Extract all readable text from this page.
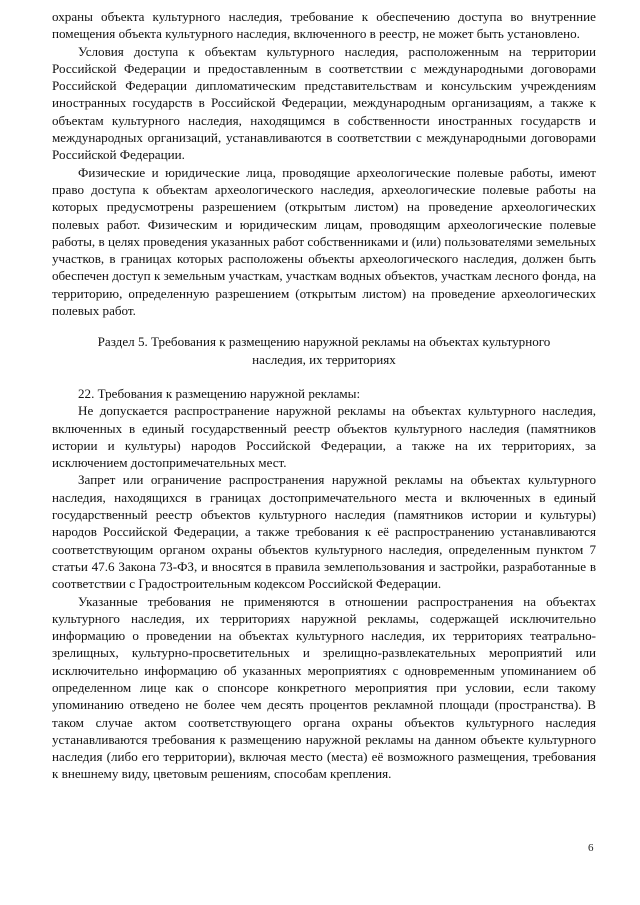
охраны объекта культурного наследия, требование к обеспечению доступа во внутренние помещения объекта культурного наследия, включенного в реестр, не может быть установлено.

Условия доступа к объектам культурного наследия, расположенным на территории Российской Федерации и предоставленным в соответствии с международными договорами Российской Федерации дипломатическим представительствам и консульским учреждениям иностранных государств в Российской Федерации, международным организациям, а также к объектам культурного наследия, находящимся в собственности иностранных государств и международных организаций, устанавливаются в соответствии с международными договорами Российской Федерации.

Физические и юридические лица, проводящие археологические полевые работы, имеют право доступа к объектам археологического наследия, археологические полевые работы на которых предусмотрены разрешением (открытым листом) на проведение археологических полевых работ. Физическим и юридическим лицам, проводящим археологические полевые работы, в целях проведения указанных работ собственниками и (или) пользователями земельных участков, в границах которых расположены объекты археологического наследия, должен быть обеспечен доступ к земельным участкам, участкам водных объектов, участкам лесного фонда, на территорию, определенную разрешением (открытым листом) на проведение археологических полевых работ.

Раздел 5. Требования к размещению наружной рекламы на объектах культурного наследия, их территориях

22. Требования к размещению наружной рекламы:

Не допускается распространение наружной рекламы на объектах культурного наследия, включенных в единый государственный реестр объектов культурного наследия (памятников истории и культуры) народов Российской Федерации, а также на их территориях, за исключением достопримечательных мест.

Запрет или ограничение распространения наружной рекламы на объектах культурного наследия, находящихся в границах достопримечательного места и включенных в единый государственный реестр объектов культурного наследия (памятников истории и культуры) народов Российской Федерации, а также требования к её распространению устанавливаются соответствующим органом охраны объектов культурного наследия, определенным пунктом 7 статьи 47.6 Закона 73-ФЗ, и вносятся в правила землепользования и застройки, разработанные в соответствии с Градостроительным кодексом Российской Федерации.

Указанные требования не применяются в отношении распространения на объектах культурного наследия, их территориях наружной рекламы, содержащей исключительно информацию о проведении на объектах культурного наследия, их территориях театрально-зрелищных, культурно-просветительных и зрелищно-развлекательных мероприятий или исключительно информацию об указанных мероприятиях с одновременным упоминанием об определенном лице как о спонсоре конкретного мероприятия при условии, если такому упоминанию отведено не более чем десять процентов рекламной площади (пространства). В таком случае актом соответствующего органа охраны объектов культурного наследия устанавливаются требования к размещению наружной рекламы на данном объекте культурного наследия (либо его территории), включая место (места) её возможного размещения, требования к внешнему виду, цветовым решениям, способам крепления.

6
